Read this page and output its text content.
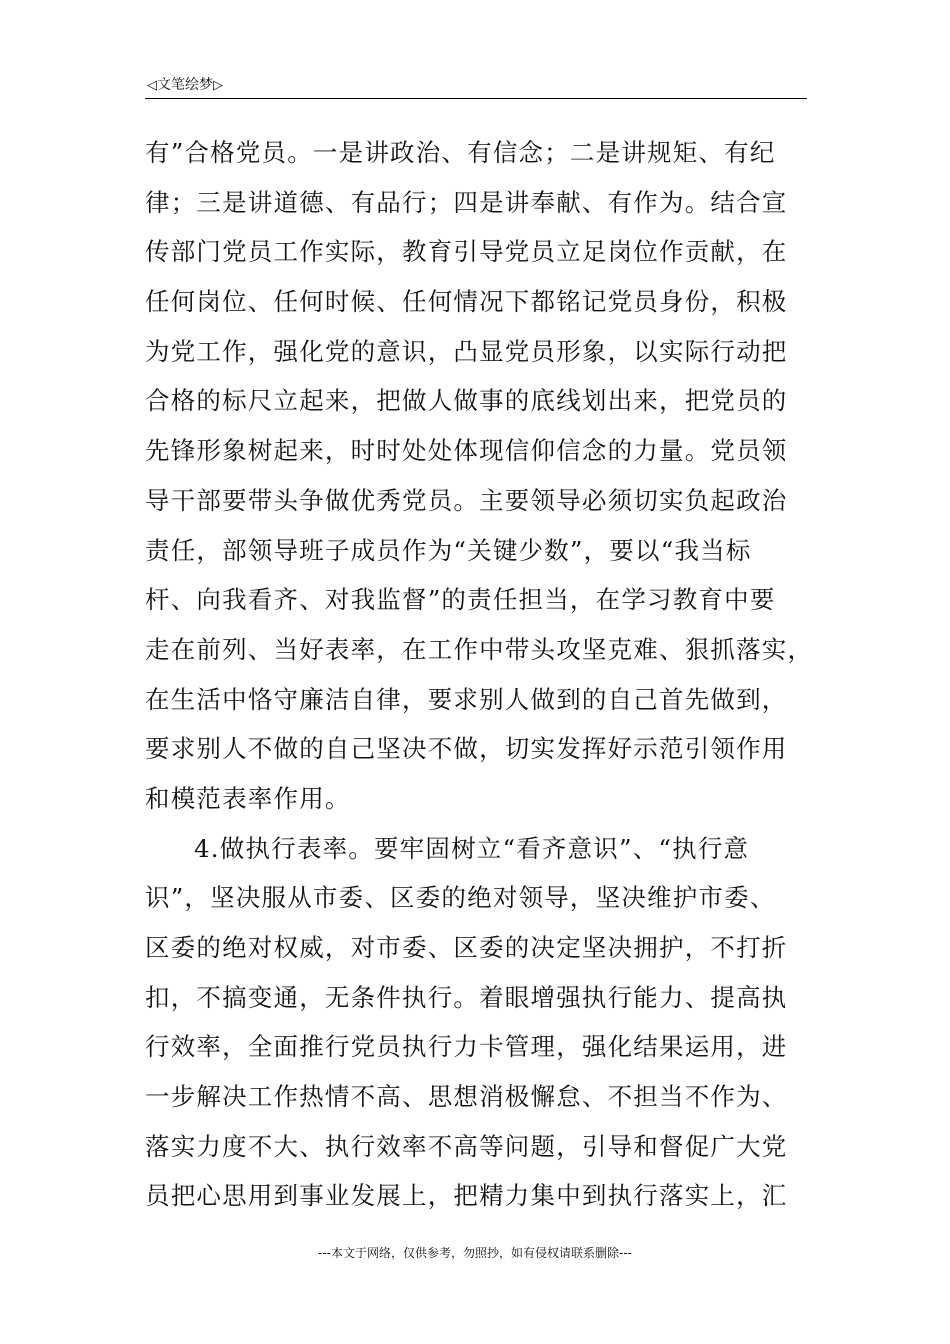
◁文笔绘梦▷
有”合格党员。一是讲政治、有信念；二是讲规矩、有纪
律；三是讲道德、有品行；四是讲奉献、有作为。结合宣
传部门党员工作实际，教育引导党员立足岗位作贡献，在
任何岗位、任何时候、任何情况下都铭记党员身份，积极
为党工作，强化党的意识，凸显党员形象，以实际行动把
合格的标尺立起来，把做人做事的底线划出来，把党员的
先锋形象树起来，时时处处体现信仰信念的力量。党员领
导干部要带头争做优秀党员。主要领导必须切实负起政治
责任，部领导班子成员作为“关键少数”，要以“我当标
杆、向我看齐、对我监督”的责任担当，在学习教育中要
走在前列、当好表率，在工作中带头攻坚克难、狠抓落实，
在生活中恪守廉洁自律，要求别人做到的自己首先做到，
要求别人不做的自己坚决不做，切实发挥好示范引领作用
和模范表率作用。
4.做执行表率。要牢固树立“看齐意识”、“执行意
识”，坚决服从市委、区委的绝对领导，坚决维护市委、
区委的绝对权威，对市委、区委的决定坚决拥护，不打折
扣，不搞变通，无条件执行。着眼增强执行能力、提高执
行效率，全面推行党员执行力卡管理，强化结果运用，进
一步解决工作热情不高、思想消极懈怠、不担当不作为、
落实力度不大、执行效率不高等问题，引导和督促广大党
员把心思用到事业发展上，把精力集中到执行落实上，汇
---本文于网络，仅供参考，勿照抄，如有侵权请联系删除---
